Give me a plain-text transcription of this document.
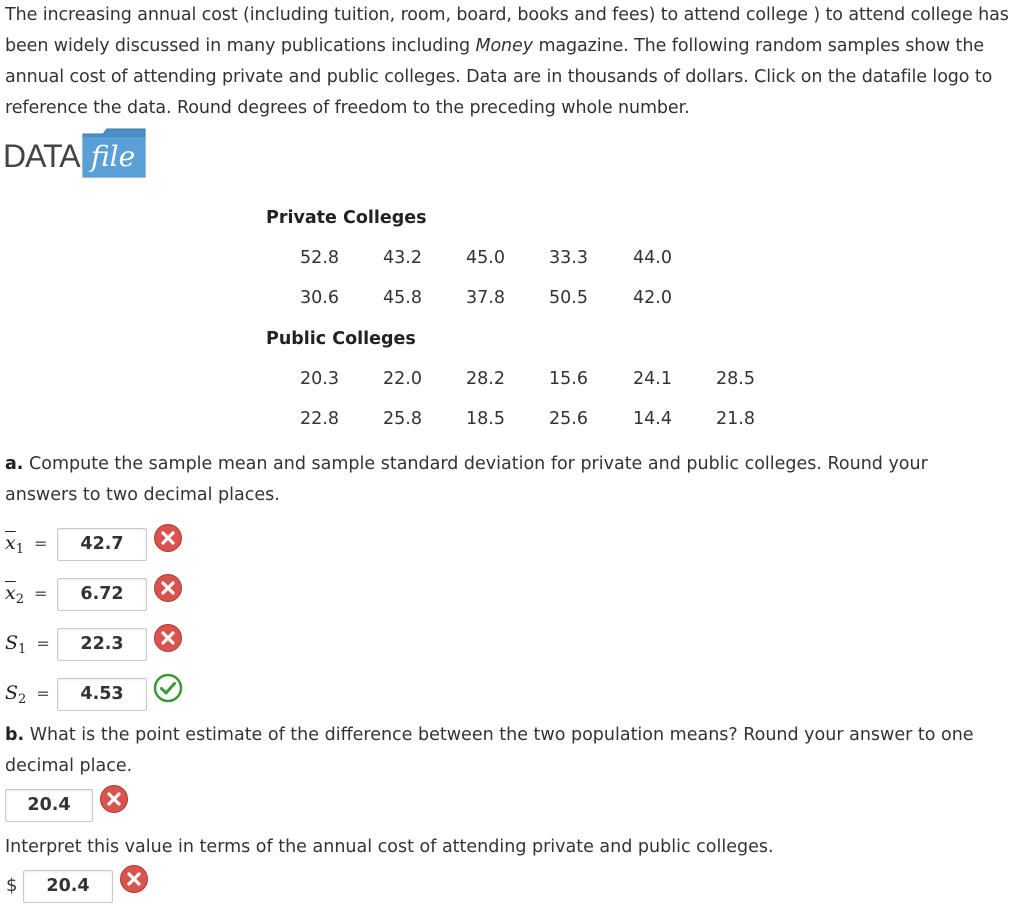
The increasing annual cost (including tuition, room, board, books and fees) to attend college ) to attend college has been widely discussed in many publications including Money magazine. The following random samples show the annual cost of attending private and public colleges. Data are in thousands of dollars. Click on the datafile logo to reference the data. Round degrees of freedom to the preceding whole number.
DATA file
Private Colleges
52.8	43.2	45.0	33.3	44.0
30.6	45.8	37.8	50.5	42.0
Public Colleges
20.3	22.0	28.2	15.6	24.1	28.5
22.8	25.8	18.5	25.6	14.4	21.8
a. Compute the sample mean and sample standard deviation for private and public colleges. Round your answers to two decimal places.
$\overline{x}_1$ =	42.7
$\overline{x}_2$ =	6.72
$S_1$ =	22.3
$S_2$ =	4.53
b. What is the point estimate of the difference between the two population means? Round your answer to one decimal place.
20.4
Interpret this value in terms of the annual cost of attending private and public colleges.
$	20.4
